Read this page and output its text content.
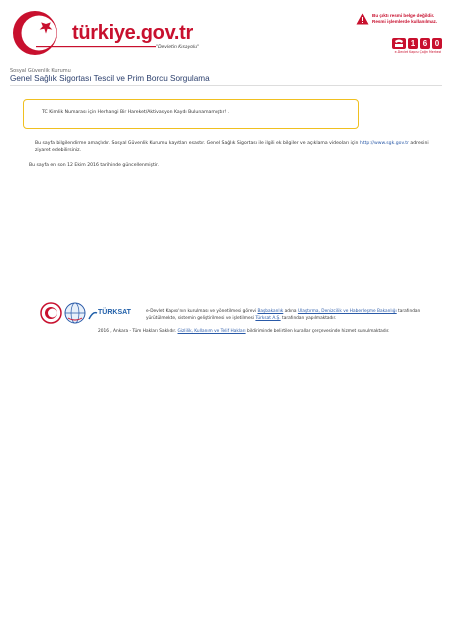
türkiye.gov.tr
"Devletin Kısayolu"
Bu çıktı resmi belge değildir.
Resmi işlemlerde kullanılmaz.
1 6 0
e-Devlet Kapısı Çağrı Merkezi
Sosyal Güvenlik Kurumu
Genel Sağlık Sigortası Tescil ve Prim Borcu Sorgulama
TC Kimlik Numarası için Herhangi Bir Hareket/Aktivasyon Kaydı Bulunamamıştır! .
Bu sayfa bilgilendirme amaçlıdır. Sosyal Güvenlik Kurumu kayıtları esastır. Genel Sağlık Sigortası ile ilgili ek bilgiler ve açıklama videoları için http://www.sgk.gov.tr adresini ziyaret edebilirsiniz.
Bu sayfa en son 12 Ekim 2016 tarihinde güncellenmiştir.
TÜRKSAT	e-Devlet Kapısı'nın kurulması ve yönetilmesi görevi Başbakanlık adına Ulaştırma, Denizcilik ve Haberleşme Bakanlığı tarafından yürütülmekte, sistemin geliştirilmesi ve işletilmesi Türksat A.Ş. tarafından yapılmaktadır.
2016 , Ankara - Tüm Hakları Saklıdır. Gizlilik, Kullanım ve Telif Hakları bildiriminde belirtilen kurallar çerçevesinde hizmet sunulmaktadır.
